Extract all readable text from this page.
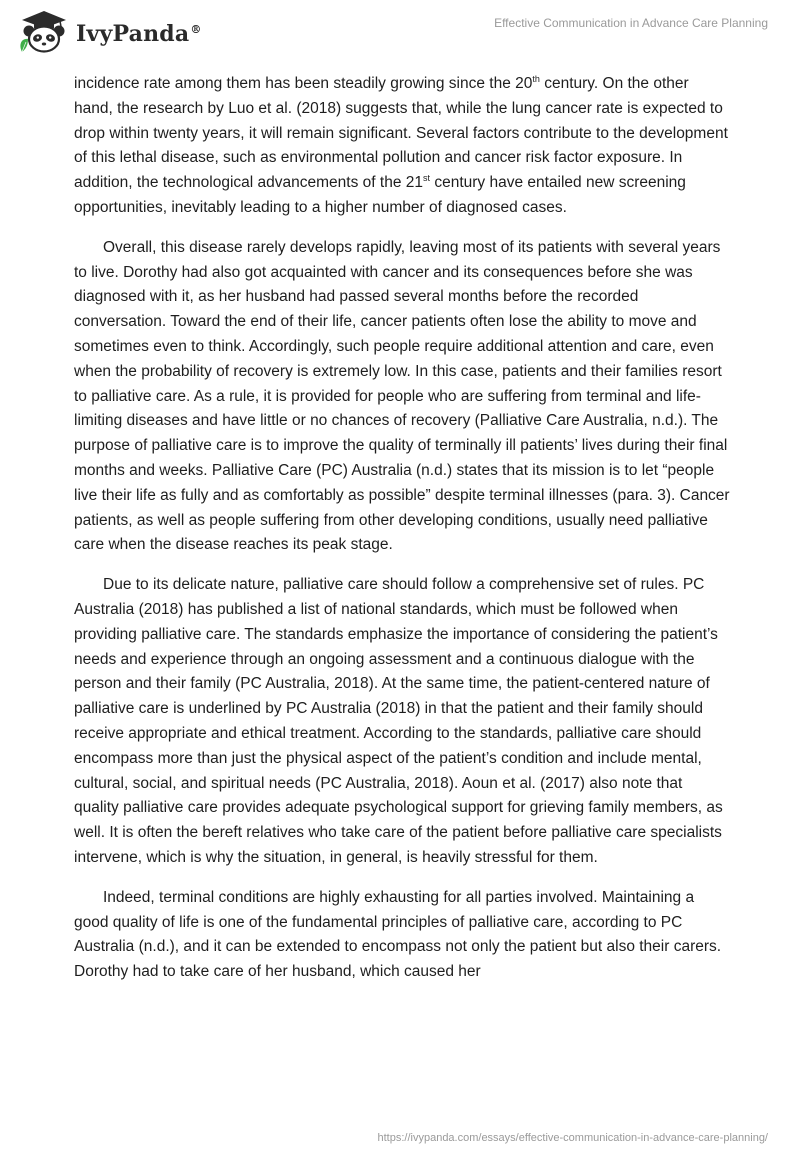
IvyPanda®	Effective Communication in Advance Care Planning

incidence rate among them has been steadily growing since the 20th century. On the other hand, the research by Luo et al. (2018) suggests that, while the lung cancer rate is expected to drop within twenty years, it will remain significant. Several factors contribute to the development of this lethal disease, such as environmental pollution and cancer risk factor exposure. In addition, the technological advancements of the 21st century have entailed new screening opportunities, inevitably leading to a higher number of diagnosed cases.

Overall, this disease rarely develops rapidly, leaving most of its patients with several years to live. Dorothy had also got acquainted with cancer and its consequences before she was diagnosed with it, as her husband had passed several months before the recorded conversation. Toward the end of their life, cancer patients often lose the ability to move and sometimes even to think. Accordingly, such people require additional attention and care, even when the probability of recovery is extremely low. In this case, patients and their families resort to palliative care. As a rule, it is provided for people who are suffering from terminal and life-limiting diseases and have little or no chances of recovery (Palliative Care Australia, n.d.). The purpose of palliative care is to improve the quality of terminally ill patients’ lives during their final months and weeks. Palliative Care (PC) Australia (n.d.) states that its mission is to let “people live their life as fully and as comfortably as possible” despite terminal illnesses (para. 3). Cancer patients, as well as people suffering from other developing conditions, usually need palliative care when the disease reaches its peak stage.

Due to its delicate nature, palliative care should follow a comprehensive set of rules. PC Australia (2018) has published a list of national standards, which must be followed when providing palliative care. The standards emphasize the importance of considering the patient’s needs and experience through an ongoing assessment and a continuous dialogue with the person and their family (PC Australia, 2018). At the same time, the patient-centered nature of palliative care is underlined by PC Australia (2018) in that the patient and their family should receive appropriate and ethical treatment. According to the standards, palliative care should encompass more than just the physical aspect of the patient’s condition and include mental, cultural, social, and spiritual needs (PC Australia, 2018). Aoun et al. (2017) also note that quality palliative care provides adequate psychological support for grieving family members, as well. It is often the bereft relatives who take care of the patient before palliative care specialists intervene, which is why the situation, in general, is heavily stressful for them.

Indeed, terminal conditions are highly exhausting for all parties involved. Maintaining a good quality of life is one of the fundamental principles of palliative care, according to PC Australia (n.d.), and it can be extended to encompass not only the patient but also their carers. Dorothy had to take care of her husband, which caused her

https://ivypanda.com/essays/effective-communication-in-advance-care-planning/
